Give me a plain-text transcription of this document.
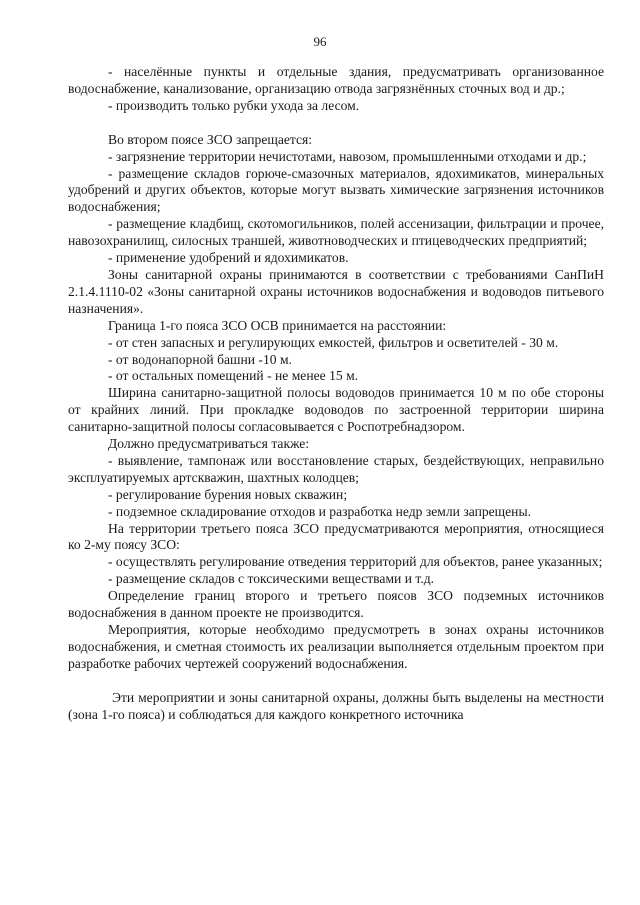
96

- населённые пункты и отдельные здания, предусматривать организованное водоснабжение, канализование, организацию отвода загрязнённых сточных вод и др.;

- производить только рубки ухода за лесом.

Во втором поясе ЗСО запрещается:

- загрязнение территории нечистотами, навозом, промышленными отходами и др.;

- размещение складов горюче-смазочных материалов, ядохимикатов, минеральных удобрений и других объектов, которые могут вызвать химические загрязнения источников водоснабжения;

- размещение кладбищ, скотомогильников, полей ассенизации, фильтрации и прочее, навозохранилищ, силосных траншей, животноводческих и птицеводческих предприятий;

- применение удобрений и ядохимикатов.

Зоны санитарной охраны принимаются в соответствии с требованиями СанПиН 2.1.4.1110-02 «Зоны санитарной охраны источников водоснабжения и водоводов питьевого назначения».

Граница 1-го пояса ЗСО ОСВ принимается на расстоянии:

- от стен запасных и регулирующих емкостей, фильтров и осветителей - 30 м.

- от водонапорной башни -10 м.

- от остальных помещений - не менее 15 м.

Ширина санитарно-защитной полосы водоводов принимается 10 м по обе стороны от крайних линий. При прокладке водоводов по застроенной территории ширина санитарно-защитной полосы согласовывается с Роспотребнадзором.

Должно предусматриваться также:

- выявление, тампонаж или восстановление старых, бездействующих, неправильно эксплуатируемых артскважин, шахтных колодцев;

- регулирование бурения новых скважин;

- подземное складирование отходов и разработка недр земли запрещены.

На территории третьего пояса ЗСО предусматриваются мероприятия, относящиеся ко 2-му поясу ЗСО:

- осуществлять регулирование отведения территорий для объектов, ранее указанных;

- размещение складов с токсическими веществами и т.д.

Определение границ второго и третьего поясов ЗСО подземных источников водоснабжения в данном проекте не производится.

Мероприятия, которые необходимо предусмотреть в зонах охраны источников водоснабжения, и сметная стоимость их реализации выполняется отдельным проектом при разработке рабочих чертежей сооружений водоснабжения.

Эти мероприятии и зоны санитарной охраны, должны быть выделены на местности (зона 1-го пояса) и соблюдаться для каждого конкретного источника
